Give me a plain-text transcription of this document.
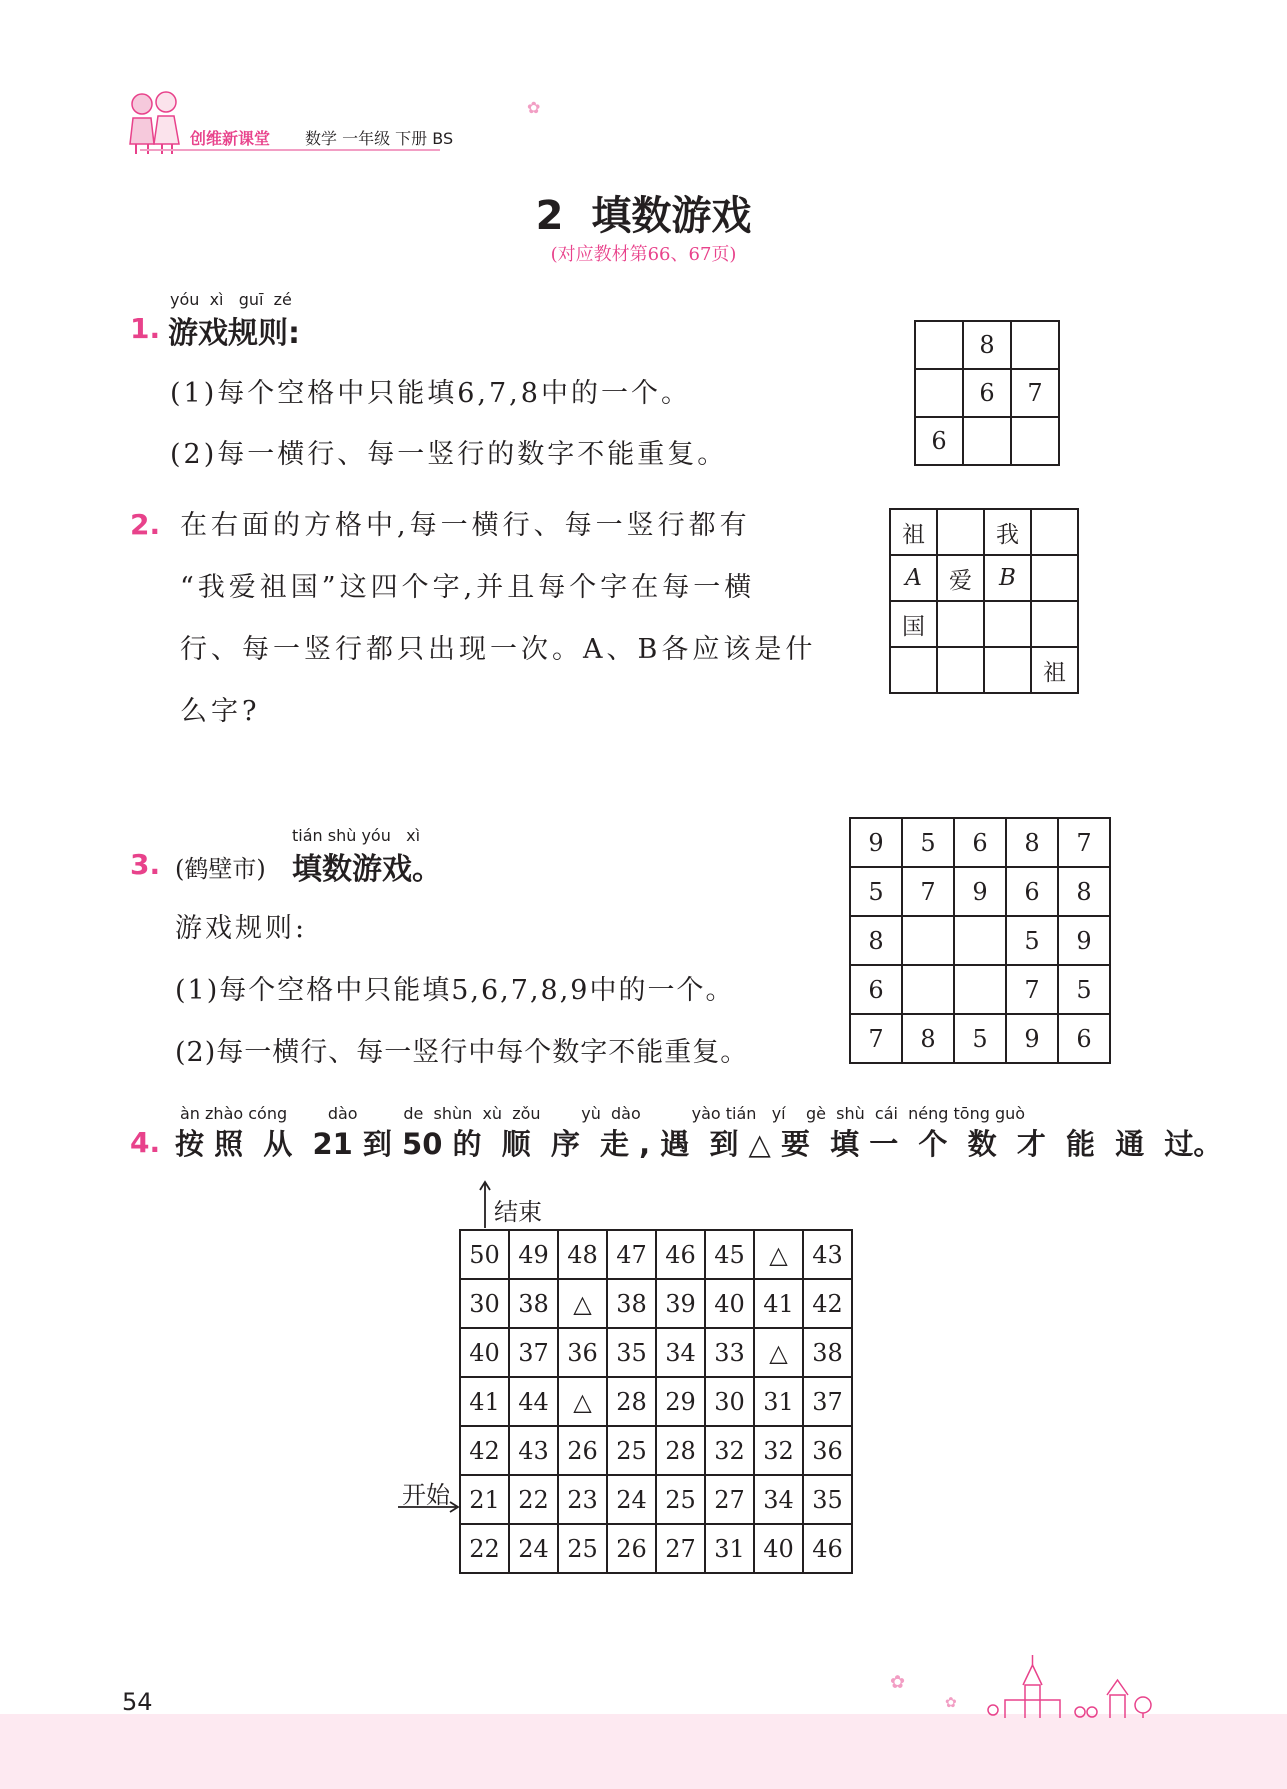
创维新课堂 数学 一年级 下册 BS
✿
2  填数游戏
(对应教材第66、67页)
yóu  xì   guī  zé
1. 游戏规则:
(1)每个空格中只能填6,7,8中的一个。
(2)每一横行、每一竖行的数字不能重复。
	8	
	6	7
6		
2. 在右面的方格中,每一横行、每一竖行都有
“我爱祖国”这四个字,并且每个字在每一横
行、每一竖行都只出现一次。A、B各应该是什
么字?
祖		我	
A	爱	B	
国			
			祖
tián shù yóu   xì
3. (鹤壁市) 填数游戏。
游戏规则:
(1)每个空格中只能填5,6,7,8,9中的一个。
(2)每一横行、每一竖行中每个数字不能重复。
9	5	6	8	7
5	7	9	6	8
8			5	9
6			7	5
7	8	5	9	6
àn zhào cóng        dào         de  shùn  xù  zǒu        yù  dào          yào tián   yí    gè  shù  cái  néng tōng guò
4. 按 照  从  21 到 50 的  顺  序  走 , 遇  到 △ 要  填 一  个  数  才  能  通  过。
结束
开始
50	49	48	47	46	45	△	43
30	38	△	38	39	40	41	42
40	37	36	35	34	33	△	38
41	44	△	28	29	30	31	37
42	43	26	25	28	32	32	36
21	22	23	24	25	27	34	35
22	24	25	26	27	31	40	46
54
✿
✿
